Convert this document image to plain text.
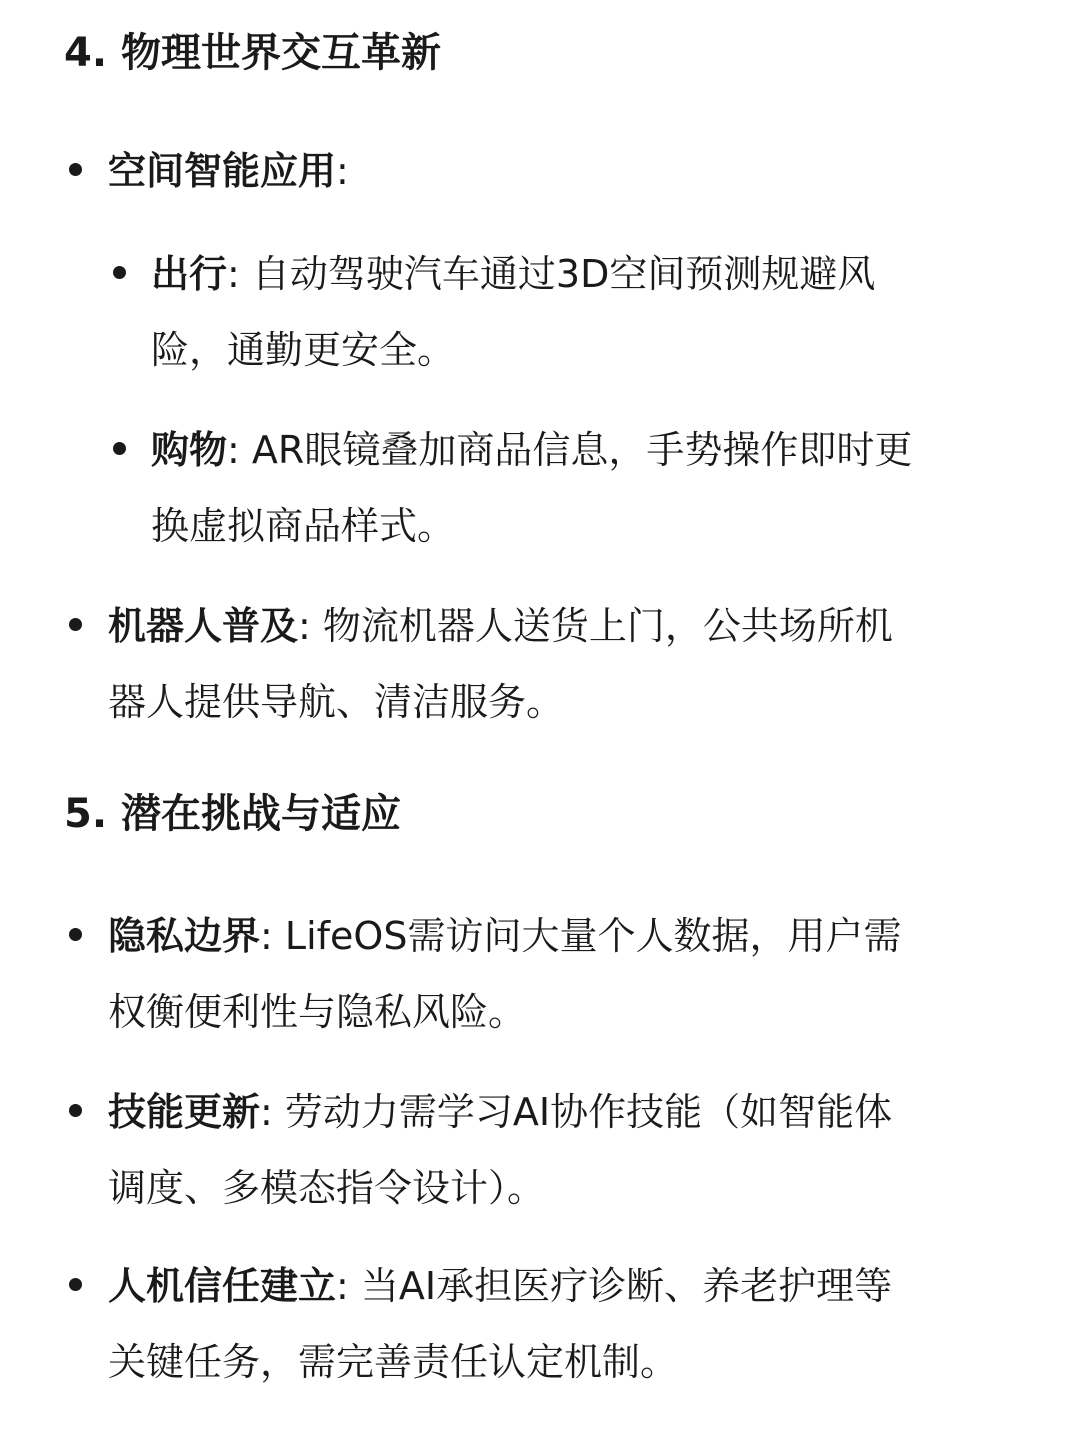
4. 物理世界交互革新
空间智能应用:
出行: 自动驾驶汽车通过3D空间预测规避风
险，通勤更安全。
购物: AR眼镜叠加商品信息，手势操作即时更
换虚拟商品样式。
机器人普及: 物流机器人送货上门，公共场所机
器人提供导航、清洁服务。
5. 潜在挑战与适应
隐私边界: LifeOS需访问大量个人数据，用户需
权衡便利性与隐私风险。
技能更新: 劳动力需学习AI协作技能（如智能体
调度、多模态指令设计）。
人机信任建立: 当AI承担医疗诊断、养老护理等
关键任务，需完善责任认定机制。
